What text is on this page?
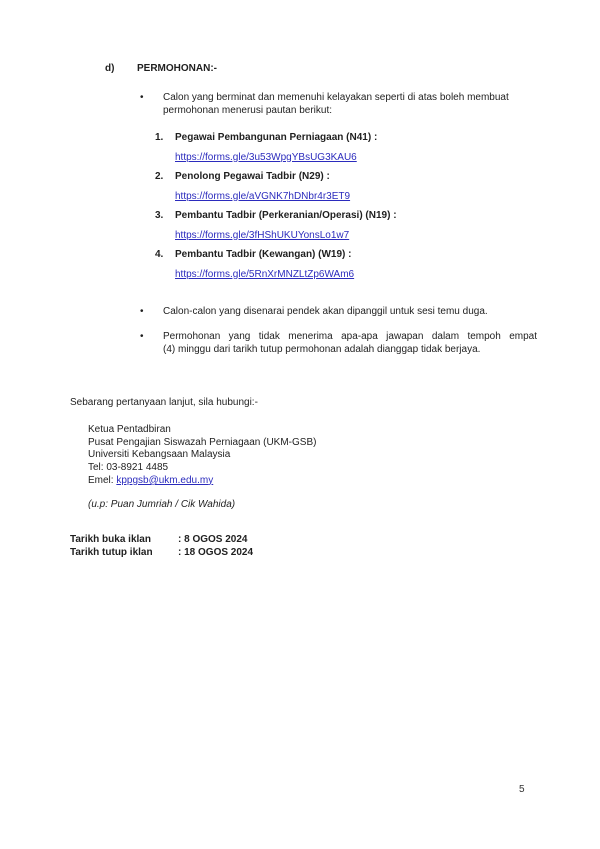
d) PERMOHONAN:-
•	Calon yang berminat dan memenuhi kelayakan seperti di atas boleh membuat
permohonan menerusi pautan berikut:
1. Pegawai Pembangunan Perniagaan (N41) :
https://forms.gle/3u53WpgYBsUG3KAU6
2. Penolong Pegawai Tadbir (N29) :
https://forms.gle/aVGNK7hDNbr4r3ET9
3. Pembantu Tadbir (Perkeranian/Operasi) (N19) :
https://forms.gle/3fHShUKUYonsLo1w7
4. Pembantu Tadbir (Kewangan) (W19) :
https://forms.gle/5RnXrMNZLtZp6WAm6
•	Calon-calon yang disenarai pendek akan dipanggil untuk sesi temu duga.
•	Permohonan yang tidak menerima apa-apa jawapan dalam tempoh empat
(4) minggu dari tarikh tutup permohonan adalah dianggap tidak berjaya.
Sebarang pertanyaan lanjut, sila hubungi:-
Ketua Pentadbiran
Pusat Pengajian Siswazah Perniagaan (UKM-GSB)
Universiti Kebangsaan Malaysia
Tel: 03-8921 4485
Emel: kppgsb@ukm.edu.my
(u.p: Puan Jumriah / Cik Wahida)
Tarikh buka iklan	: 8 OGOS 2024
Tarikh tutup iklan	: 18 OGOS 2024
5
